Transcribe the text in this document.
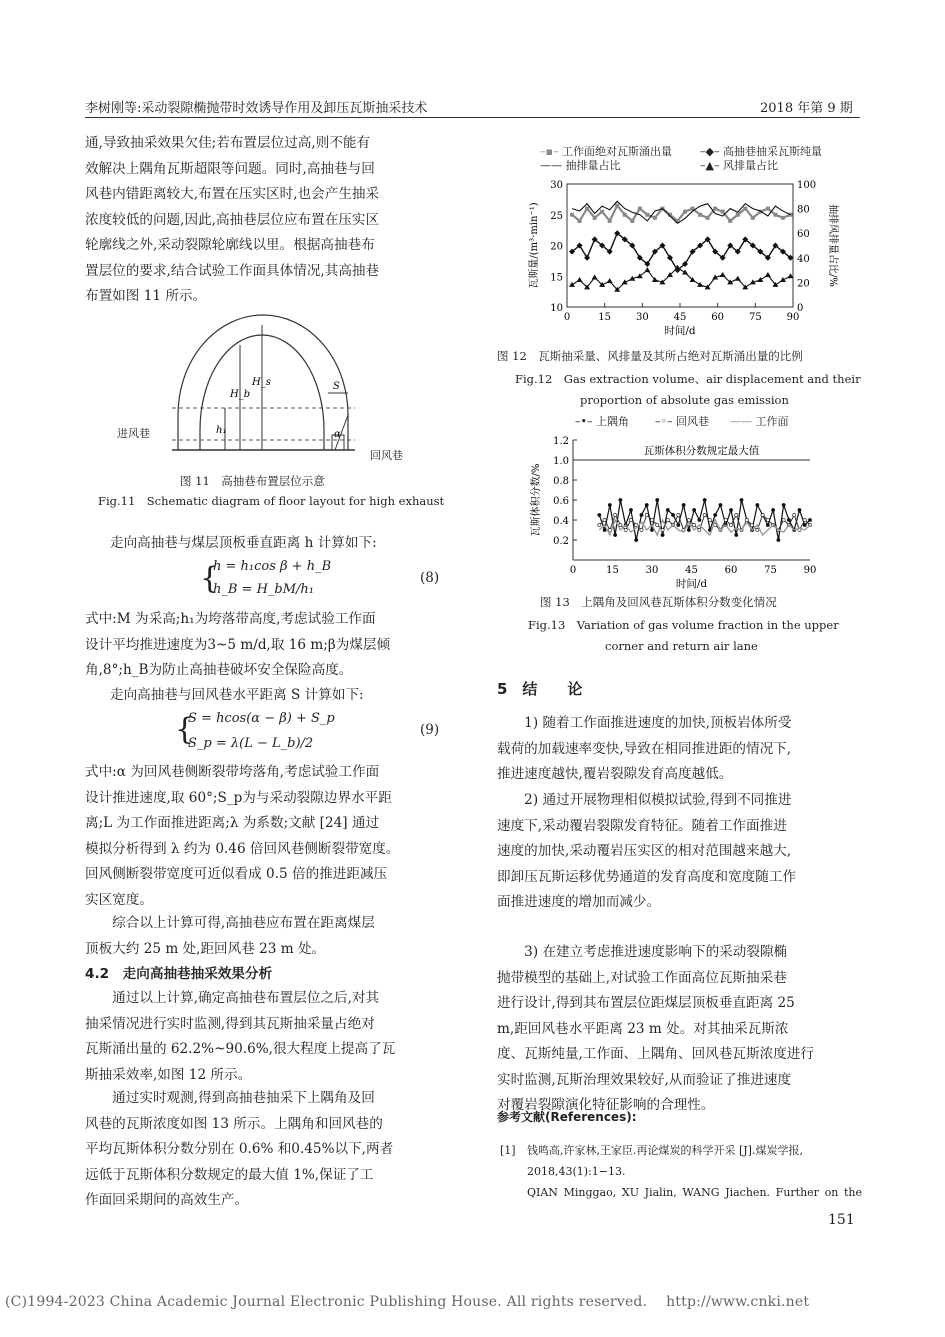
李树刚等:采动裂隙椭抛带时效诱导作用及卸压瓦斯抽采技术	2018 年第 9 期
通,导致抽采效果欠佳;若布置层位过高,则不能有
效解决上隅角瓦斯超限等问题。同时,高抽巷与回
风巷内错距离较大,布置在压实区时,也会产生抽采
浓度较低的问题,因此,高抽巷层位应布置在压实区
轮廓线之外,采动裂隙轮廓线以里。根据高抽巷布
置层位的要求,结合试验工作面具体情况,其高抽巷
布置如图 11 所示。
h₁
H_b
H_s	S
α
进风巷
回风巷
图 11　高抽巷布置层位示意
Fig.11　Schematic diagram of floor layout for high exhaust
走向高抽巷与煤层顶板垂直距离 h 计算如下:
{
h = h₁cos β + h_B
h_B = H_bM/h₁
(8)
式中:M 为采高;h₁为垮落带高度,考虑试验工作面
设计平均推进速度为3~5 m/d,取 16 m;β为煤层倾
角,8°;h_B为防止高抽巷破坏安全保险高度。
走向高抽巷与回风巷水平距离 S 计算如下:
{
S = hcos(α − β) + S_p
S_p = λ(L − L_b)/2
(9)
式中:α 为回风巷侧断裂带垮落角,考虑试验工作面
设计推进速度,取 60°;S_p为与采动裂隙边界水平距
离;L 为工作面推进距离;λ 为系数;文献 [24] 通过
模拟分析得到 λ 约为 0.46 倍回风巷侧断裂带宽度。
回风侧断裂带宽度可近似看成 0.5 倍的推进距减压
实区宽度。
　　综合以上计算可得,高抽巷应布置在距离煤层
顶板大约 25 m 处,距回风巷 23 m 处。
4.2　走向高抽巷抽采效果分析
　　通过以上计算,确定高抽巷布置层位之后,对其
抽采情况进行实时监测,得到其瓦斯抽采量占绝对
瓦斯涌出量的 62.2%~90.6%,很大程度上提高了瓦
斯抽采效率,如图 12 所示。
　　通过实时观测,得到高抽巷抽采下上隅角及回
风巷的瓦斯浓度如图 13 所示。上隅角和回风巷的
平均瓦斯体积分数分别在 0.6% 和0.45%以下,两者
远低于瓦斯体积分数规定的最大值 1%,保证了工
作面回采期间的高效生产。
–▪– 工作面绝对瓦斯涌出量	–◆– 高抽巷抽采瓦斯纯量
—— 抽排量占比	–▲– 风排量占比
0	15 30 45 60 75 90
10
15
20
25
30
0
20
40
60
80
100
时间/d
瓦斯量/(m³·min⁻¹)	抽排风排量占比/%
图 12　瓦斯抽采量、风排量及其所占绝对瓦斯涌出量的比例
Fig.12　Gas extraction volume、air displacement and their
proportion of absolute gas emission
–•– 上隅角 –◦– 回风巷 —— 工作面
0	15	30	45	60	75	90
0.2
0.4
0.6
0.8
1.0
1.2
时间/d
瓦斯体积分数/%
瓦斯体积分数规定最大值
图 13　上隅角及回风巷瓦斯体积分数变化情况
Fig.13　Variation of gas volume fraction in the upper
corner and return air lane
5　结　　论
　　1) 随着工作面推进速度的加快,顶板岩体所受
载荷的加载速率变快,导致在相同推进距的情况下,
推进速度越快,覆岩裂隙发育高度越低。
　　2) 通过开展物理相似模拟试验,得到不同推进
速度下,采动覆岩裂隙发育特征。随着工作面推进
速度的加快,采动覆岩压实区的相对范围越来越大,
即卸压瓦斯运移优势通道的发育高度和宽度随工作
面推进速度的增加而减少。
　　3) 在建立考虑推进速度影响下的采动裂隙椭
抛带模型的基础上,对试验工作面高位瓦斯抽采巷
进行设计,得到其布置层位距煤层顶板垂直距离 25
m,距回风巷水平距离 23 m 处。对其抽采瓦斯浓
度、瓦斯纯量,工作面、上隅角、回风巷瓦斯浓度进行
实时监测,瓦斯治理效果较好,从而验证了推进速度
对覆岩裂隙演化特征影响的合理性。
参考文献(References):
[1] 钱鸣高,许家林,王家臣.再论煤炭的科学开采 [J].煤炭学报,
2018,43(1):1−13.
QIAN Minggao, XU Jialin, WANG Jiachen. Further on the
151
(C)1994-2023 China Academic Journal Electronic Publishing House. All rights reserved.　 http://www.cnki.net
